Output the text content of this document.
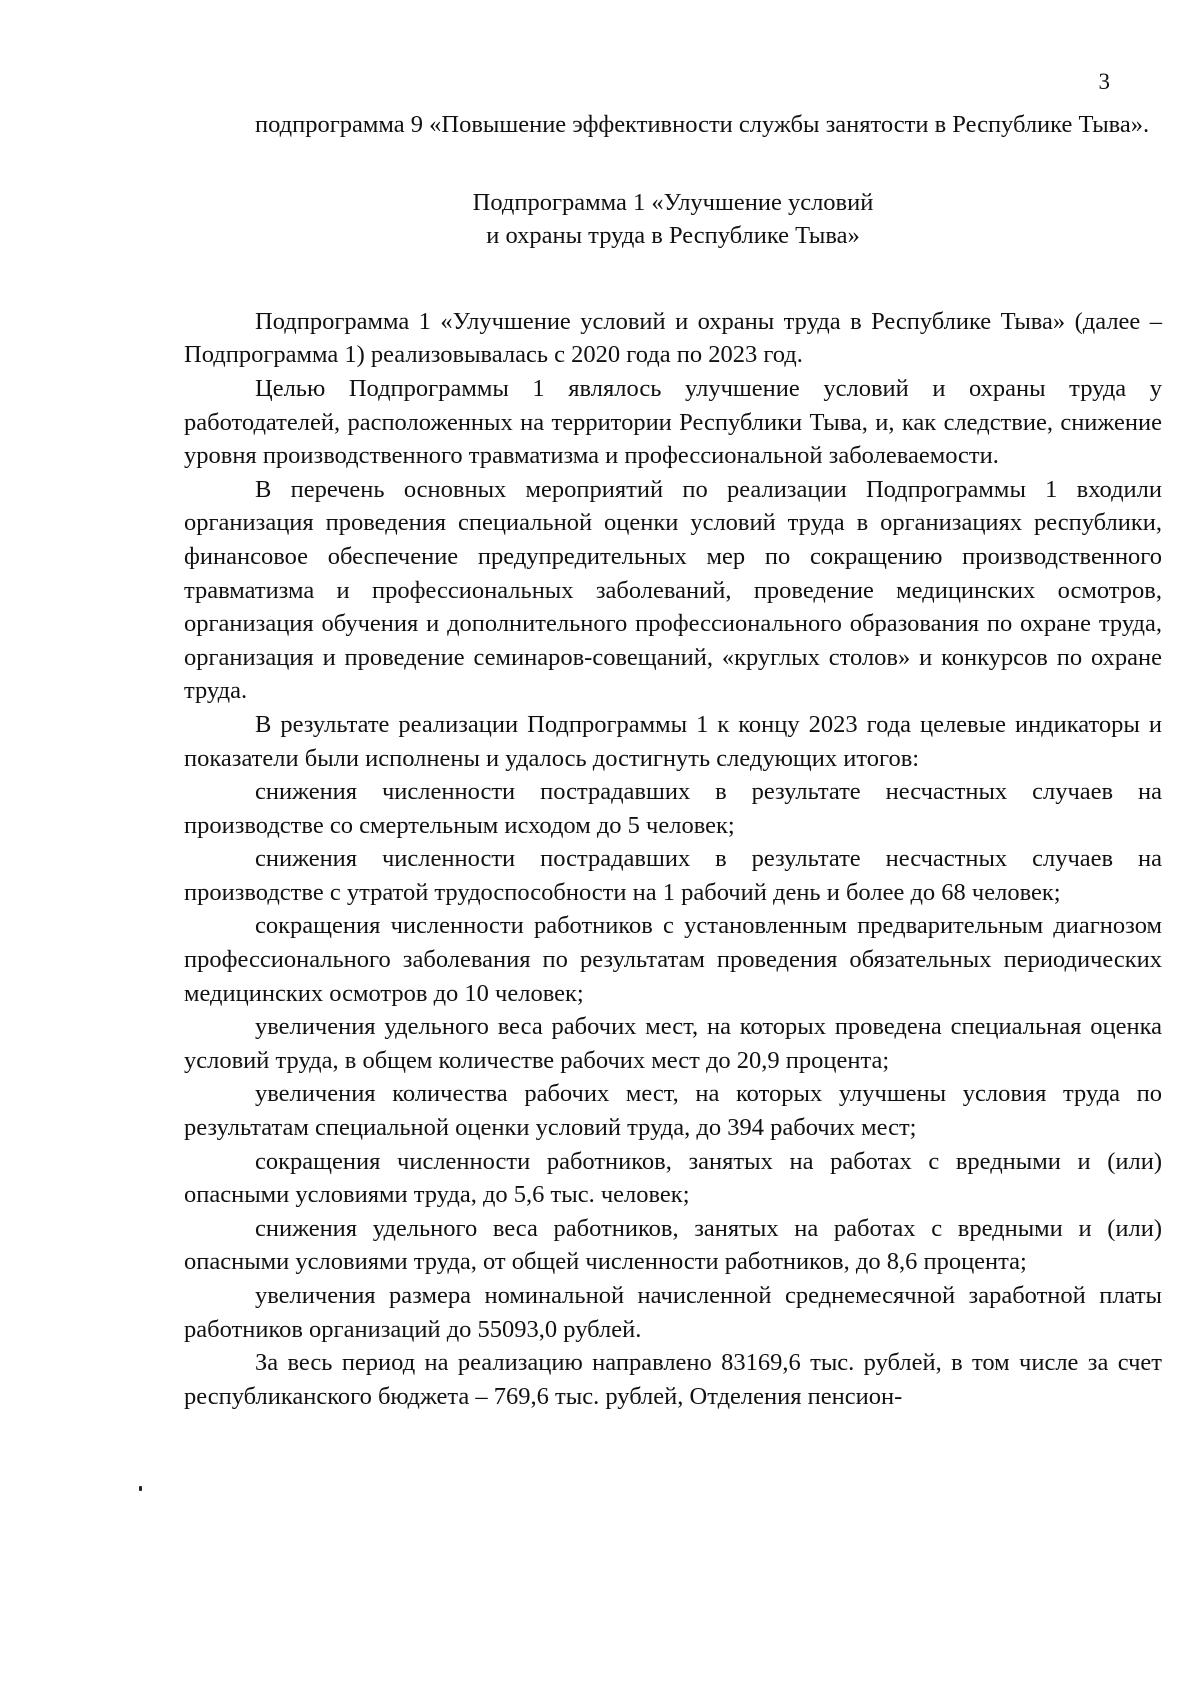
3

подпрограмма 9 «Повышение эффективности службы занятости в Республике Тыва».

Подпрограмма 1 «Улучшение условий
и охраны труда в Республике Тыва»

Подпрограмма 1 «Улучшение условий и охраны труда в Республике Тыва» (далее – Подпрограмма 1) реализовывалась с 2020 года по 2023 год.

Целью Подпрограммы 1 являлось улучшение условий и охраны труда у работодателей, расположенных на территории Республики Тыва, и, как следствие, снижение уровня производственного травматизма и профессиональной заболеваемости.

В перечень основных мероприятий по реализации Подпрограммы 1 входили организация проведения специальной оценки условий труда в организациях республики, финансовое обеспечение предупредительных мер по сокращению производственного травматизма и профессиональных заболеваний, проведение медицинских осмотров, организация обучения и дополнительного профессионального образования по охране труда, организация и проведение семинаров-совещаний, «круглых столов» и конкурсов по охране труда.

В результате реализации Подпрограммы 1 к концу 2023 года целевые индикаторы и показатели были исполнены и удалось достигнуть следующих итогов:

снижения численности пострадавших в результате несчастных случаев на производстве со смертельным исходом до 5 человек;

снижения численности пострадавших в результате несчастных случаев на производстве с утратой трудоспособности на 1 рабочий день и более до 68 человек;

сокращения численности работников с установленным предварительным диагнозом профессионального заболевания по результатам проведения обязательных периодических медицинских осмотров до 10 человек;

увеличения удельного веса рабочих мест, на которых проведена специальная оценка условий труда, в общем количестве рабочих мест до 20,9 процента;

увеличения количества рабочих мест, на которых улучшены условия труда по результатам специальной оценки условий труда, до 394 рабочих мест;

сокращения численности работников, занятых на работах с вредными и (или) опасными условиями труда, до 5,6 тыс. человек;

снижения удельного веса работников, занятых на работах с вредными и (или) опасными условиями труда, от общей численности работников, до 8,6 процента;

увеличения размера номинальной начисленной среднемесячной заработной платы работников организаций до 55093,0 рублей.

За весь период на реализацию направлено 83169,6 тыс. рублей, в том числе за счет республиканского бюджета – 769,6 тыс. рублей, Отделения пенсион-
